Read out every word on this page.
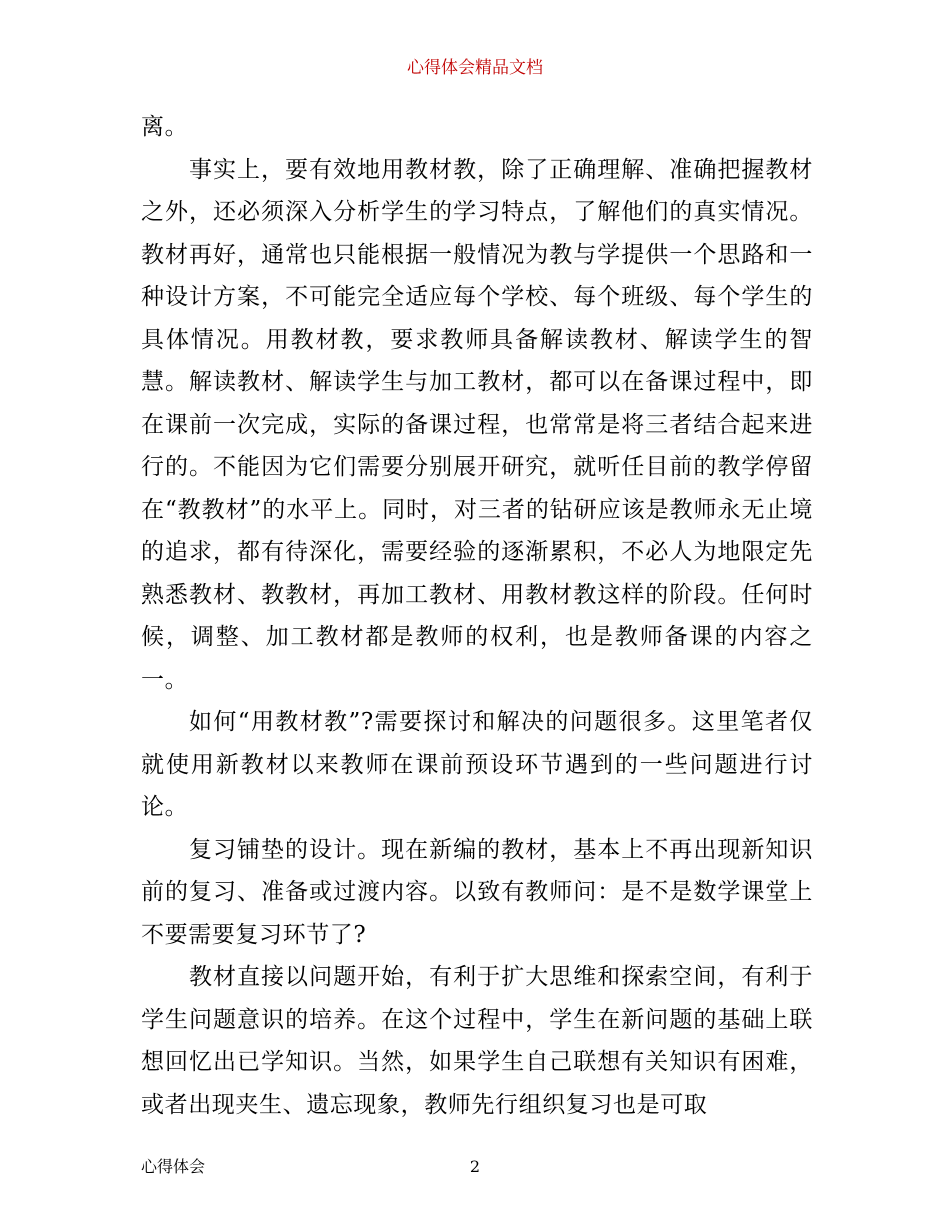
心得体会精品文档

离。

事实上，要有效地用教材教，除了正确理解、准确把握教材之外，还必须深入分析学生的学习特点，了解他们的真实情况。教材再好，通常也只能根据一般情况为教与学提供一个思路和一种设计方案，不可能完全适应每个学校、每个班级、每个学生的具体情况。用教材教，要求教师具备解读教材、解读学生的智慧。解读教材、解读学生与加工教材，都可以在备课过程中，即在课前一次完成，实际的备课过程，也常常是将三者结合起来进行的。不能因为它们需要分别展开研究，就听任目前的教学停留在“教教材”的水平上。同时，对三者的钻研应该是教师永无止境的追求，都有待深化，需要经验的逐渐累积，不必人为地限定先熟悉教材、教教材，再加工教材、用教材教这样的阶段。任何时候，调整、加工教材都是教师的权利，也是教师备课的内容之一。

如何“用教材教”?需要探讨和解决的问题很多。这里笔者仅就使用新教材以来教师在课前预设环节遇到的一些问题进行讨论。

复习铺垫的设计。现在新编的教材，基本上不再出现新知识前的复习、准备或过渡内容。以致有教师问：是不是数学课堂上不要需要复习环节了?

教材直接以问题开始，有利于扩大思维和探索空间，有利于学生问题意识的培养。在这个过程中，学生在新问题的基础上联想回忆出已学知识。当然，如果学生自己联想有关知识有困难，或者出现夹生、遗忘现象，教师先行组织复习也是可取

心得体会	2
